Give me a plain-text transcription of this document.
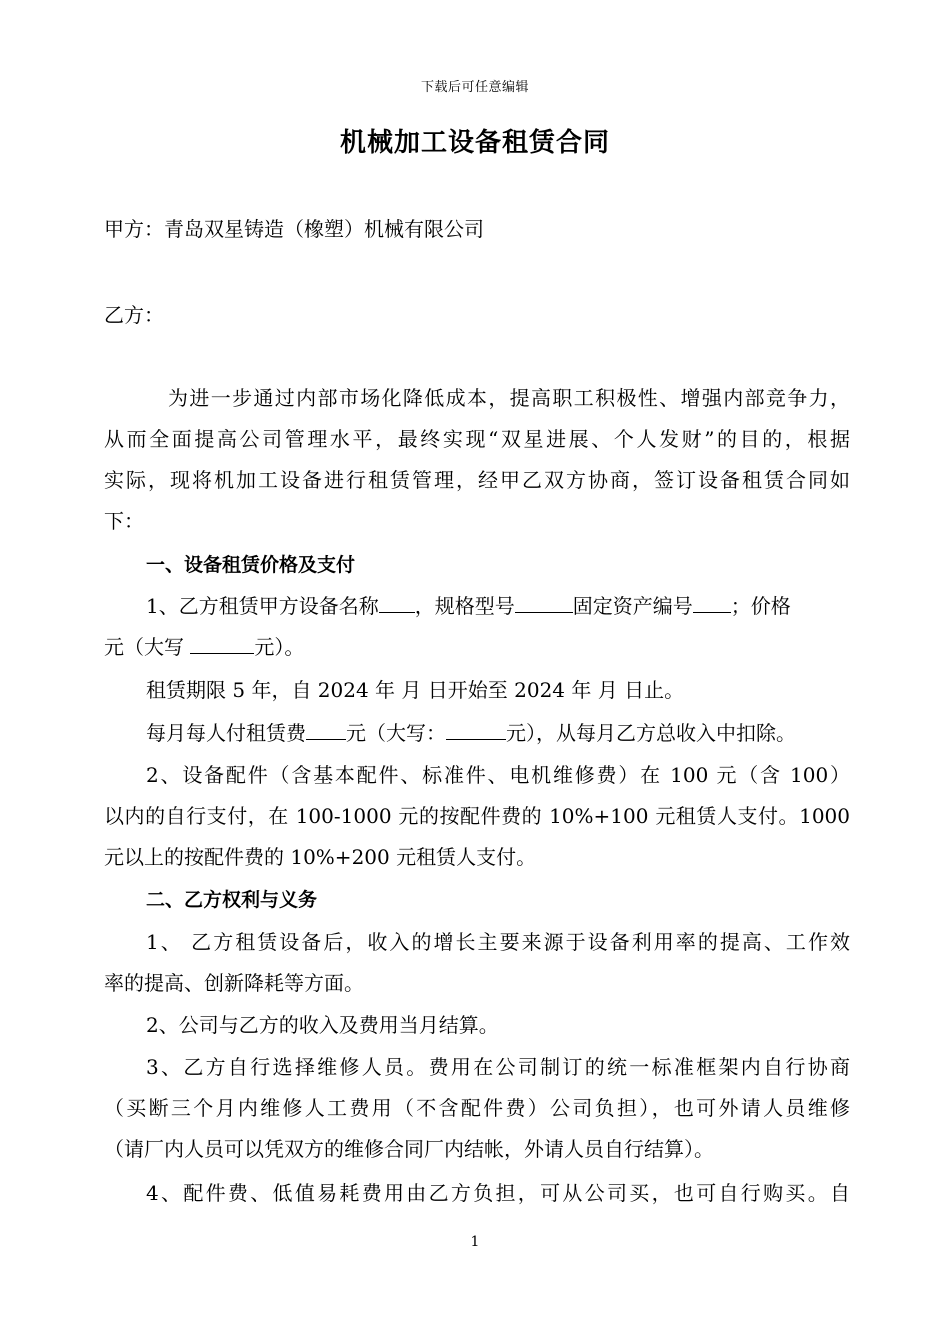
下载后可任意编辑
机械加工设备租赁合同
甲方：青岛双星铸造（橡塑）机械有限公司
乙方：
为进一步通过内部市场化降低成本，提高职工积极性、增强内部竞争力，
从而全面提高公司管理水平，最终实现“双星进展、个人发财”的目的，根据
实际，现将机加工设备进行租赁管理，经甲乙双方协商，签订设备租赁合同如
下：
一、设备租赁价格及支付
1、乙方租赁甲方设备名称 ，规格型号	固定资产编号 ；价格
元（大写	元）。
租赁期限 5 年，自 2024 年 月 日开始至 2024 年 月 日止。
每月每人付租赁费 元（大写：	元），从每月乙方总收入中扣除。
2、设备配件（含基本配件、标准件、电机维修费）在 100 元（含 100）
以内的自行支付，在 100-1000 元的按配件费的 10%+100 元租赁人支付。1000
元以上的按配件费的 10%+200 元租赁人支付。
二、乙方权利与义务
1、 乙方租赁设备后，收入的增长主要来源于设备利用率的提高、工作效
率的提高、创新降耗等方面。
2、公司与乙方的收入及费用当月结算。
3、乙方自行选择维修人员。费用在公司制订的统一标准框架内自行协商
（买断三个月内维修人工费用（不含配件费）公司负担），也可外请人员维修
（请厂内人员可以凭双方的维修合同厂内结帐，外请人员自行结算）。
4、配件费、低值易耗费用由乙方负担，可从公司买，也可自行购买。自
1
